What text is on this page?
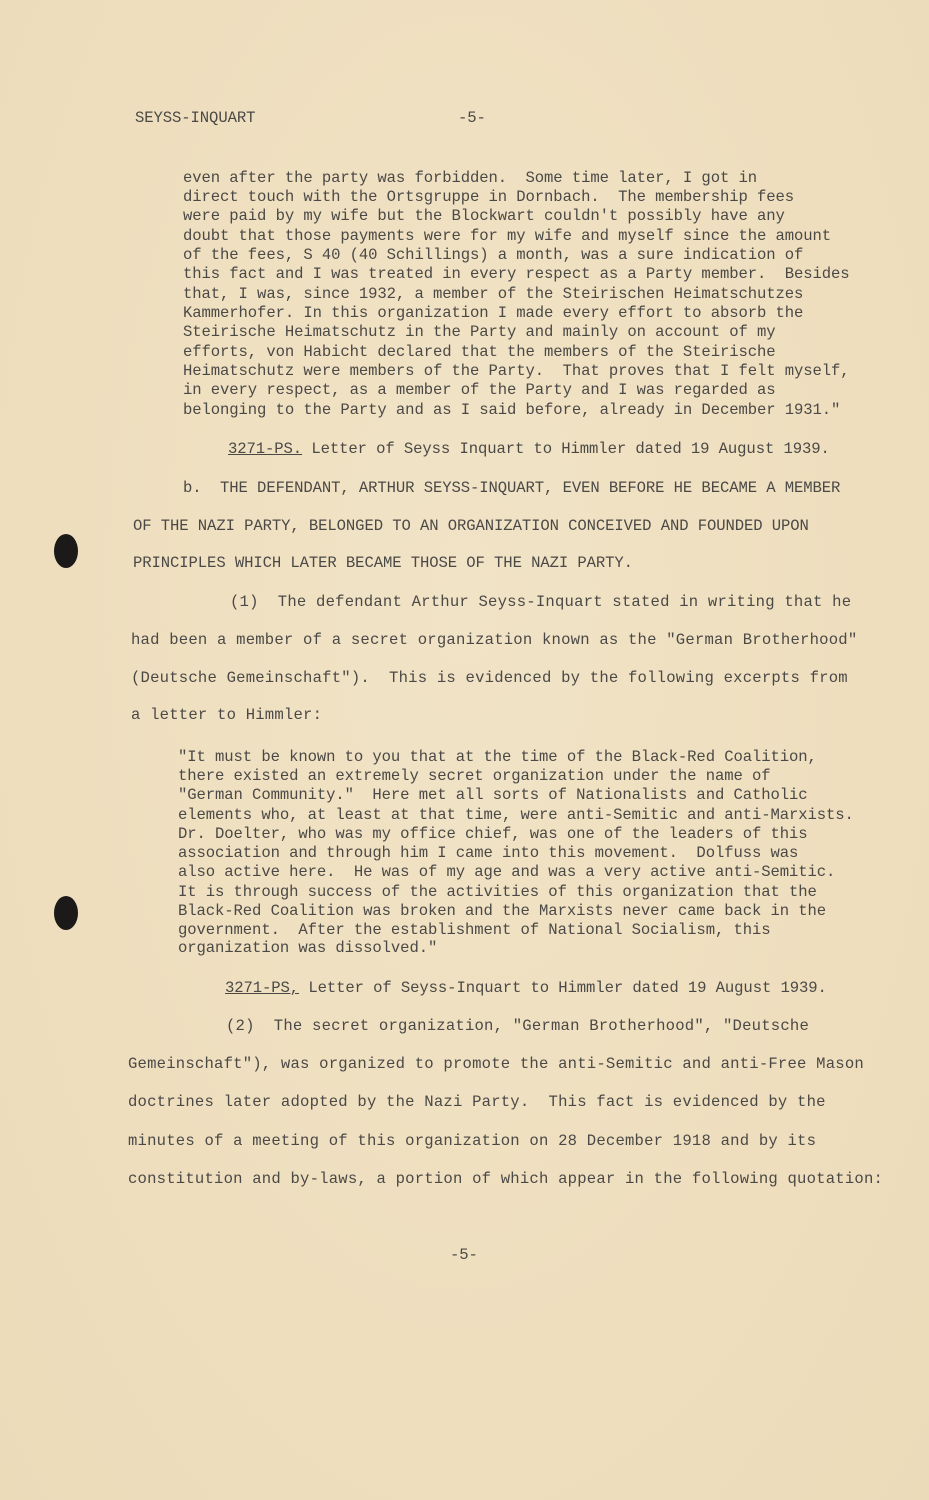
SEYSS-INQUART	-5-
even after the party was forbidden.  Some time later, I got in
direct touch with the Ortsgruppe in Dornbach.  The membership fees
were paid by my wife but the Blockwart couldn't possibly have any
doubt that those payments were for my wife and myself since the amount
of the fees, S 40 (40 Schillings) a month, was a sure indication of
this fact and I was treated in every respect as a Party member.  Besides
that, I was, since 1932, a member of the Steirischen Heimatschutzes
Kammerhofer. In this organization I made every effort to absorb the
Steirische Heimatschutz in the Party and mainly on account of my
efforts, von Habicht declared that the members of the Steirische
Heimatschutz were members of the Party.  That proves that I felt myself,
in every respect, as a member of the Party and I was regarded as
belonging to the Party and as I said before, already in December 1931."
3271-PS. Letter of Seyss Inquart to Himmler dated 19 August 1939.
b.  THE DEFENDANT, ARTHUR SEYSS-INQUART, EVEN BEFORE HE BECAME A MEMBER
OF THE NAZI PARTY, BELONGED TO AN ORGANIZATION CONCEIVED AND FOUNDED UPON
PRINCIPLES WHICH LATER BECAME THOSE OF THE NAZI PARTY.
(1)  The defendant Arthur Seyss-Inquart stated in writing that he
had been a member of a secret organization known as the "German Brotherhood"
(Deutsche Gemeinschaft").  This is evidenced by the following excerpts from
a letter to Himmler:
"It must be known to you that at the time of the Black-Red Coalition,
there existed an extremely secret organization under the name of
"German Community."  Here met all sorts of Nationalists and Catholic
elements who, at least at that time, were anti-Semitic and anti-Marxists.
Dr. Doelter, who was my office chief, was one of the leaders of this
association and through him I came into this movement.  Dolfuss was
also active here.  He was of my age and was a very active anti-Semitic.
It is through success of the activities of this organization that the
Black-Red Coalition was broken and the Marxists never came back in the
government.  After the establishment of National Socialism, this
organization was dissolved."
3271-PS, Letter of Seyss-Inquart to Himmler dated 19 August 1939.
(2)  The secret organization, "German Brotherhood", "Deutsche
Gemeinschaft"), was organized to promote the anti-Semitic and anti-Free Mason
doctrines later adopted by the Nazi Party.  This fact is evidenced by the
minutes of a meeting of this organization on 28 December 1918 and by its
constitution and by-laws, a portion of which appear in the following quotation:
-5-
